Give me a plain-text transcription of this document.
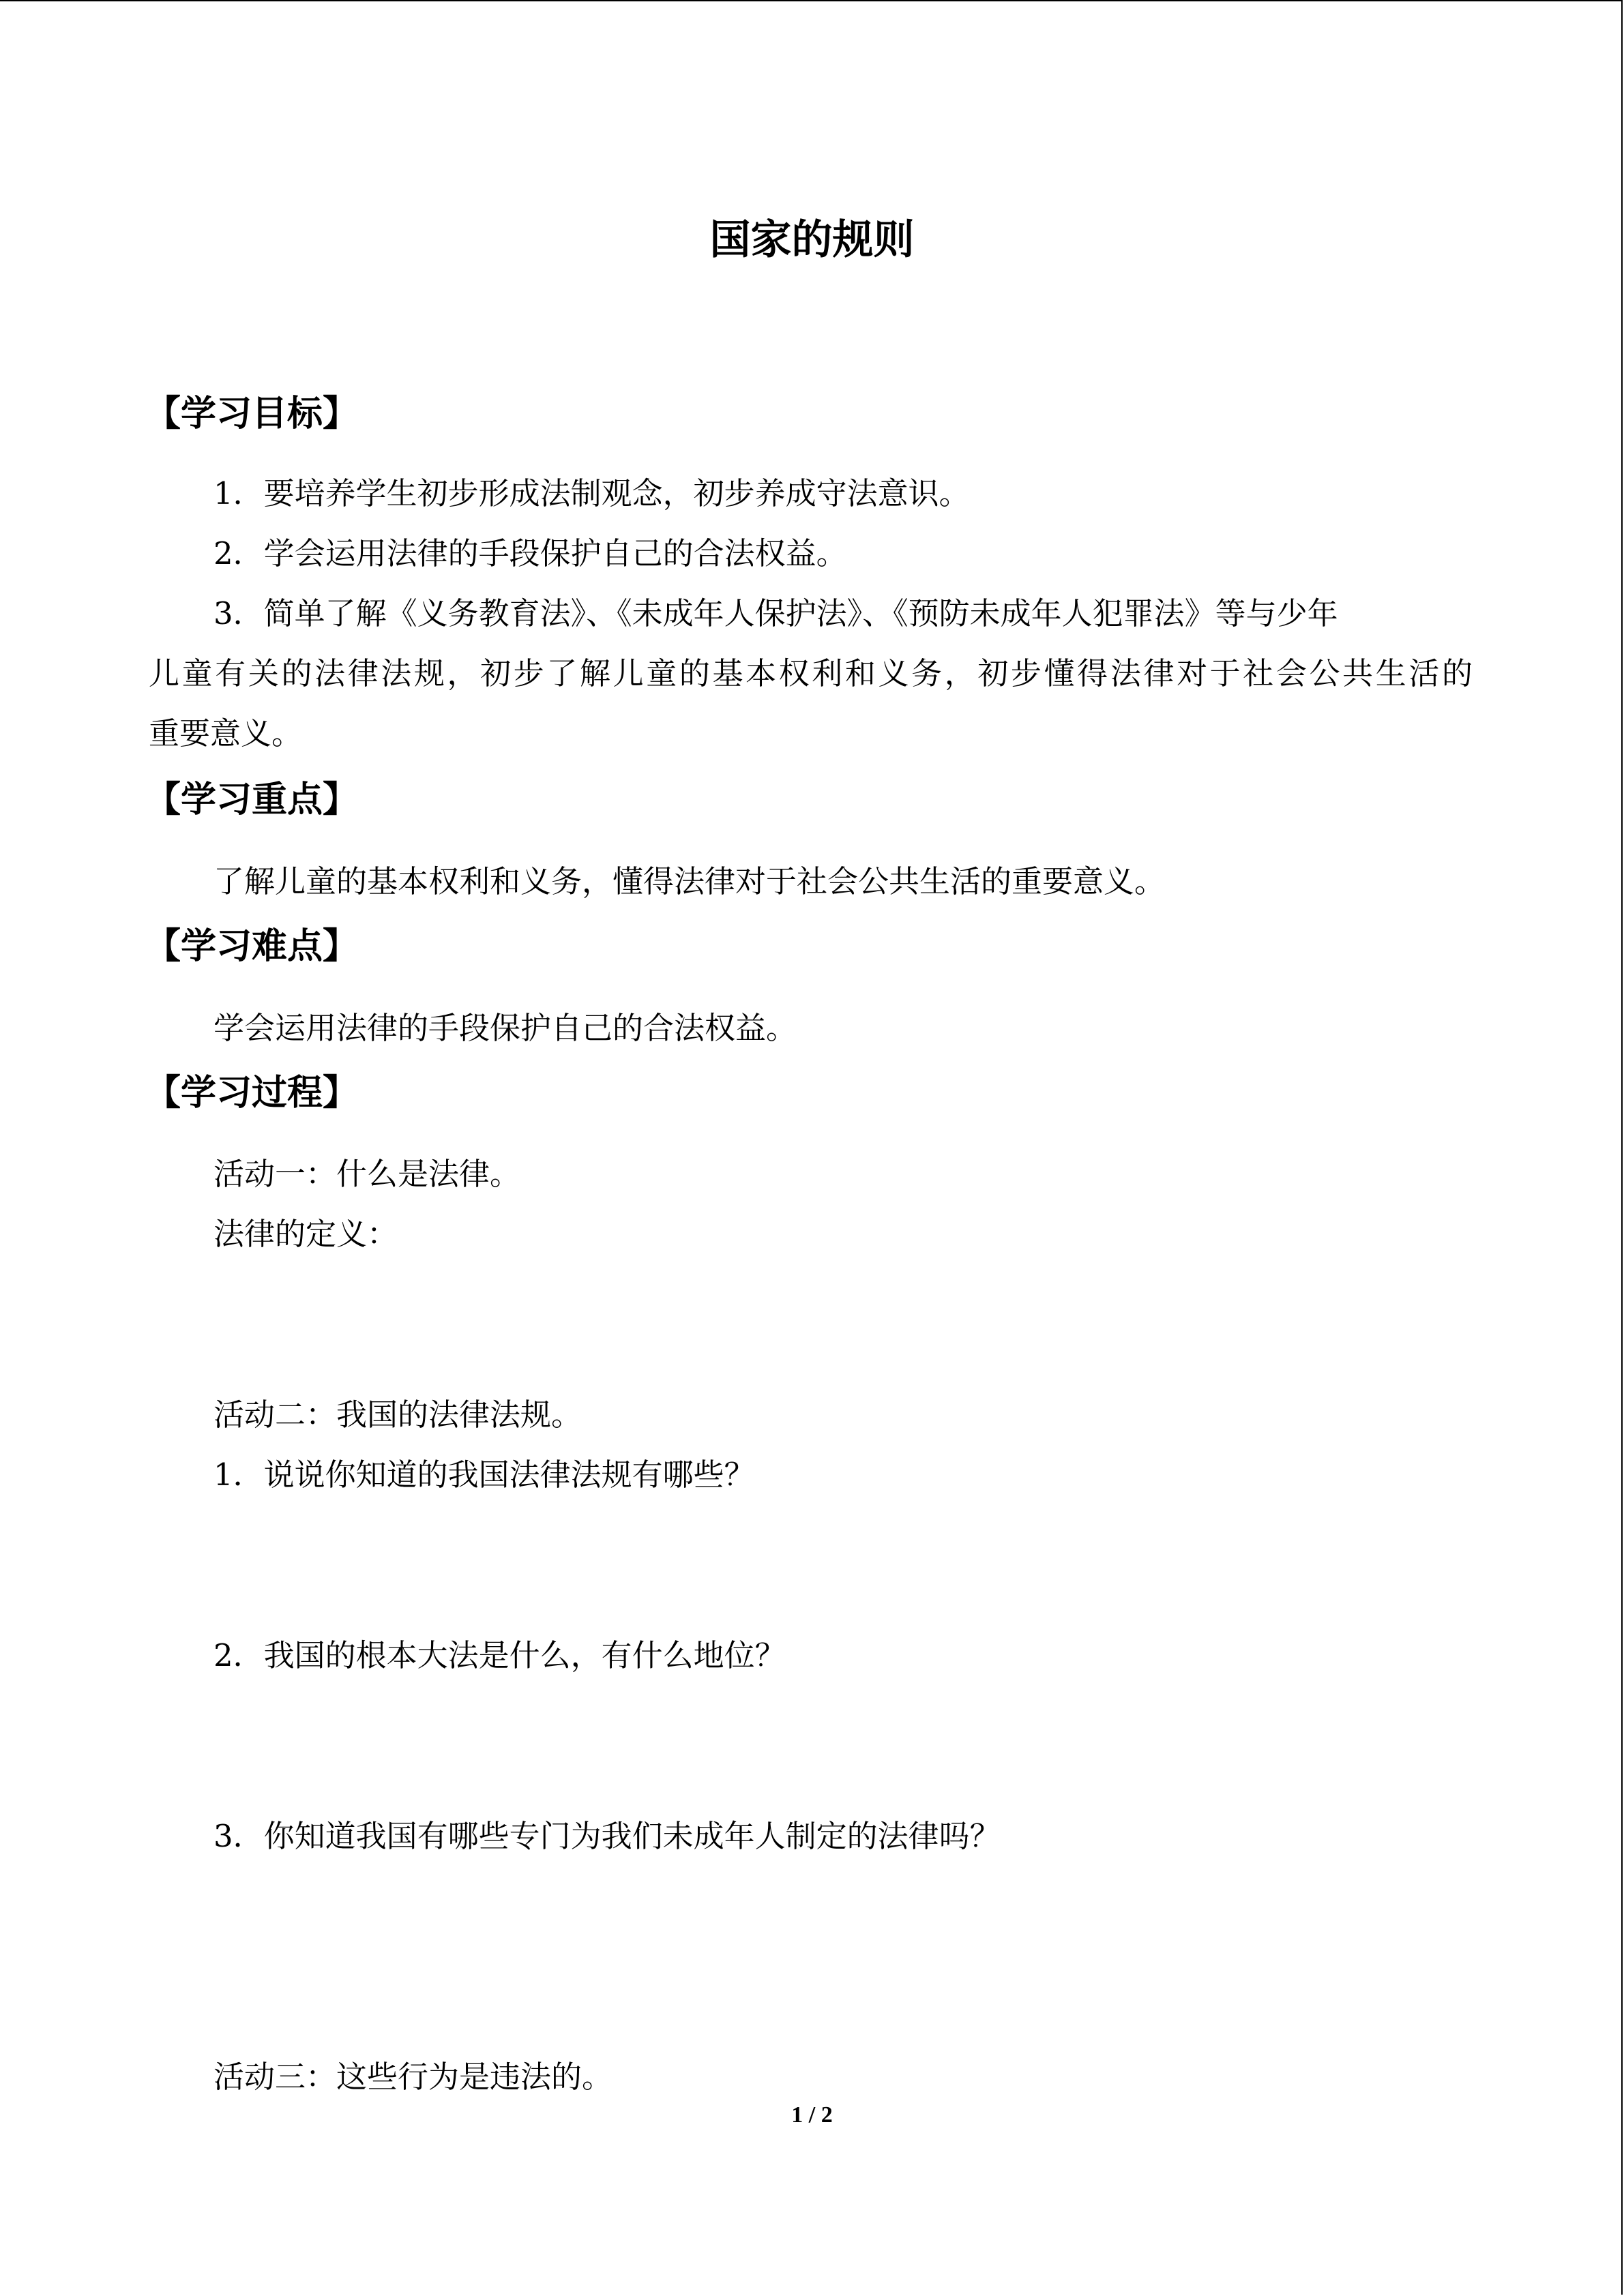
国家的规则
【学习目标】
1．要培养学生初步形成法制观念，初步养成守法意识。
2．学会运用法律的手段保护自己的合法权益。
3．简单了解《义务教育法》、《未成年人保护法》、《预防未成年人犯罪法》等与少年
儿童有关的法律法规，初步了解儿童的基本权利和义务，初步懂得法律对于社会公共生活的
重要意义。
【学习重点】
了解儿童的基本权利和义务，懂得法律对于社会公共生活的重要意义。
【学习难点】
学会运用法律的手段保护自己的合法权益。
【学习过程】
活动一：什么是法律。
法律的定义：
活动二：我国的法律法规。
1．说说你知道的我国法律法规有哪些？
2．我国的根本大法是什么，有什么地位？
3．你知道我国有哪些专门为我们未成年人制定的法律吗？
活动三：这些行为是违法的。
1 / 2
